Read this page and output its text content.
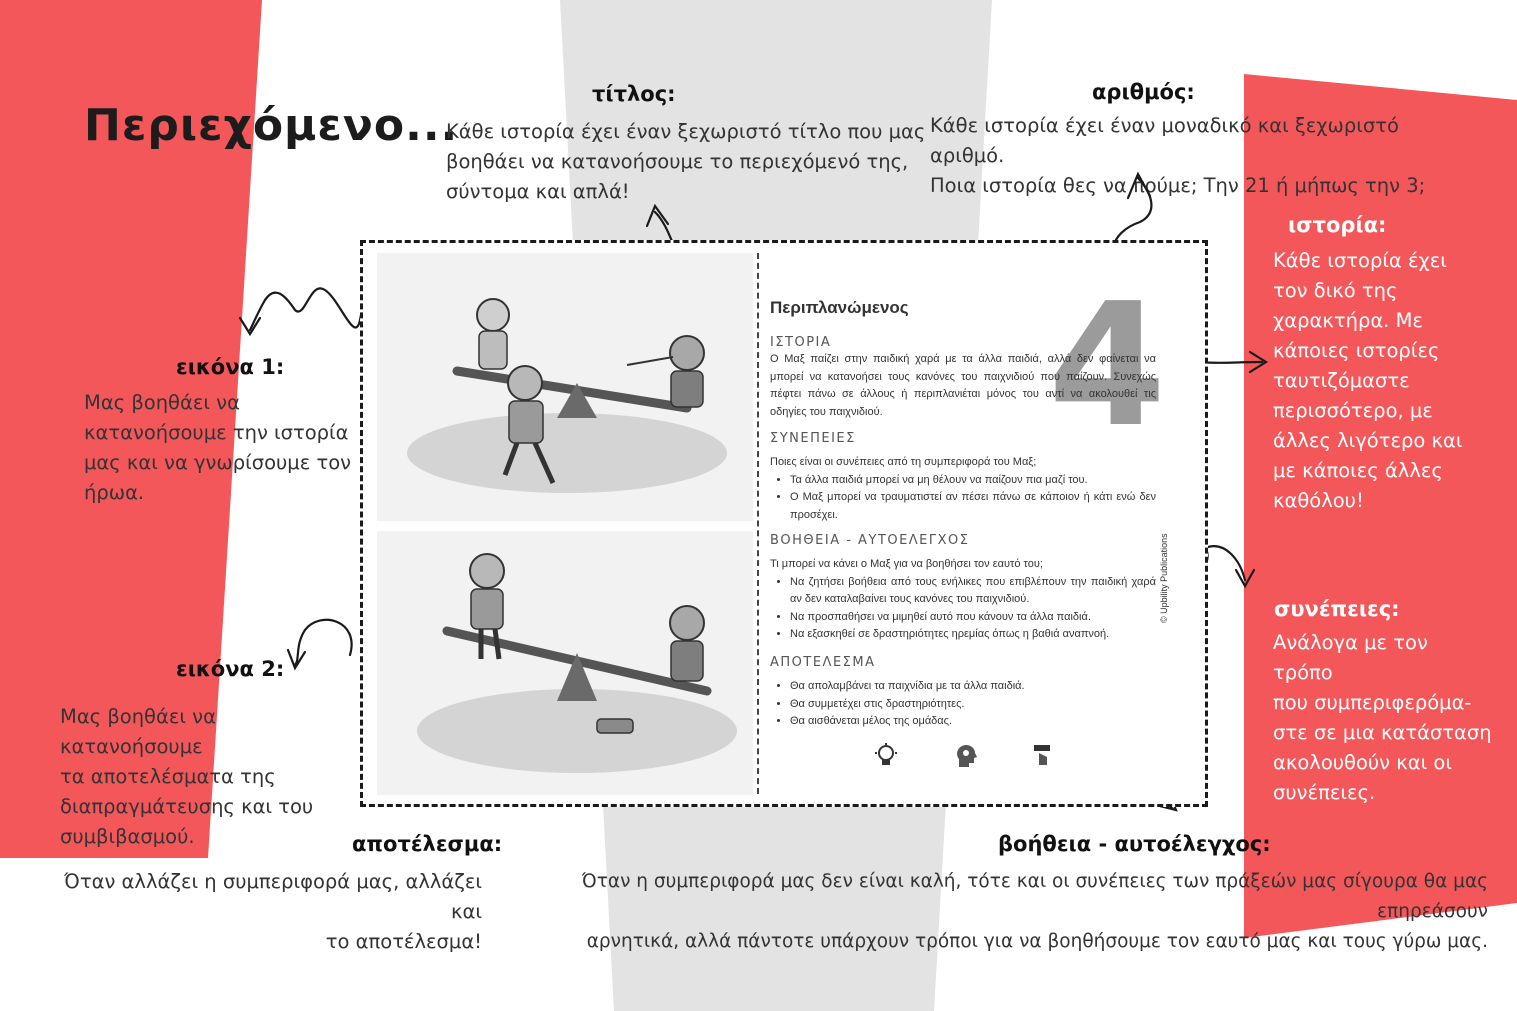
Περιεχόμενο...
τίτλος:

Κάθε ιστορία έχει έναν ξεχωριστό τίτλο που μας

βοηθάει να κατανοήσουμε το περιεχόμενό της,

σύντομα και απλά!

αριθμός:

Κάθε ιστορία έχει έναν μοναδικό και ξεχωριστό αριθμό.

Ποια ιστορία θες να πούμε; Την 21 ή μήπως την 3;

ιστορία:

Κάθε ιστορία έχει

τον δικό της

χαρακτήρα. Με

κάποιες ιστορίες

ταυτιζόμαστε

περισσότερο, με

άλλες λιγότερο και

με κάποιες άλλες

καθόλου!

εικόνα 1:

Μας βοηθάει να

κατανοήσουμε την ιστορία

μας και να γνωρίσουμε τον

ήρωα.

εικόνα 2:

Μας βοηθάει να κατανοήσουμε

τα αποτελέσματα της

διαπραγμάτευσης και του

συμβιβασμού.

συνέπειες:

Ανάλογα με τον τρόπο

που συμπεριφερόμα-

στε σε μια κατάσταση

ακολουθούν και οι

συνέπειες.

αποτέλεσμα:

Όταν αλλάζει η συμπεριφορά μας, αλλάζει και

το αποτέλεσμα!

βοήθεια - αυτοέλεγχος:

Όταν η συμπεριφορά μας δεν είναι καλή, τότε και οι συνέπειες των πράξεών μας σίγουρα θα μας επηρεάσουν

αρνητικά, αλλά πάντοτε υπάρχουν τρόποι για να βοηθήσουμε τον εαυτό μας και τους γύρω μας.

4
Περιπλανώμενος
ΙΣΤΟΡΙΑ
Ο Μαξ παίζει στην παιδική χαρά με τα άλλα παιδιά, αλλά δεν φαίνεται να μπορεί να κατανοήσει τους κανόνες του παιχνιδιού που παίζουν. Συνεχώς πέφτει πάνω σε άλλους ή περιπλανιέται μόνος του αντί να ακολουθεί τις οδηγίες του παιχνιδιού.
ΣΥΝΕΠΕΙΕΣ
Ποιες είναι οι συνέπειες από τη συμπεριφορά του Μαξ;
• Τα άλλα παιδιά μπορεί να μη θέλουν να παίζουν πια μαζί του.
• Ο Μαξ μπορεί να τραυματιστεί αν πέσει πάνω σε κάποιον ή κάτι ενώ δεν προσέχει.
ΒΟΗΘΕΙΑ - ΑΥΤΟΕΛΕΓΧΟΣ
Τι μπορεί να κάνει ο Μαξ για να βοηθήσει τον εαυτό του;
• Να ζητήσει βοήθεια από τους ενήλικες που επιβλέπουν την παιδική χαρά αν δεν καταλαβαίνει τους κανόνες του παιχνιδιού.
• Να προσπαθήσει να μιμηθεί αυτό που κάνουν τα άλλα παιδιά.
• Να εξασκηθεί σε δραστηριότητες ηρεμίας όπως η βαθιά αναπνοή.
ΑΠΟΤΕΛΕΣΜΑ
• Θα απολαμβάνει τα παιχνίδια με τα άλλα παιδιά.
• Θα συμμετέχει στις δραστηριότητες.
• Θα αισθάνεται μέλος της ομάδας.
© Upbility Publications
